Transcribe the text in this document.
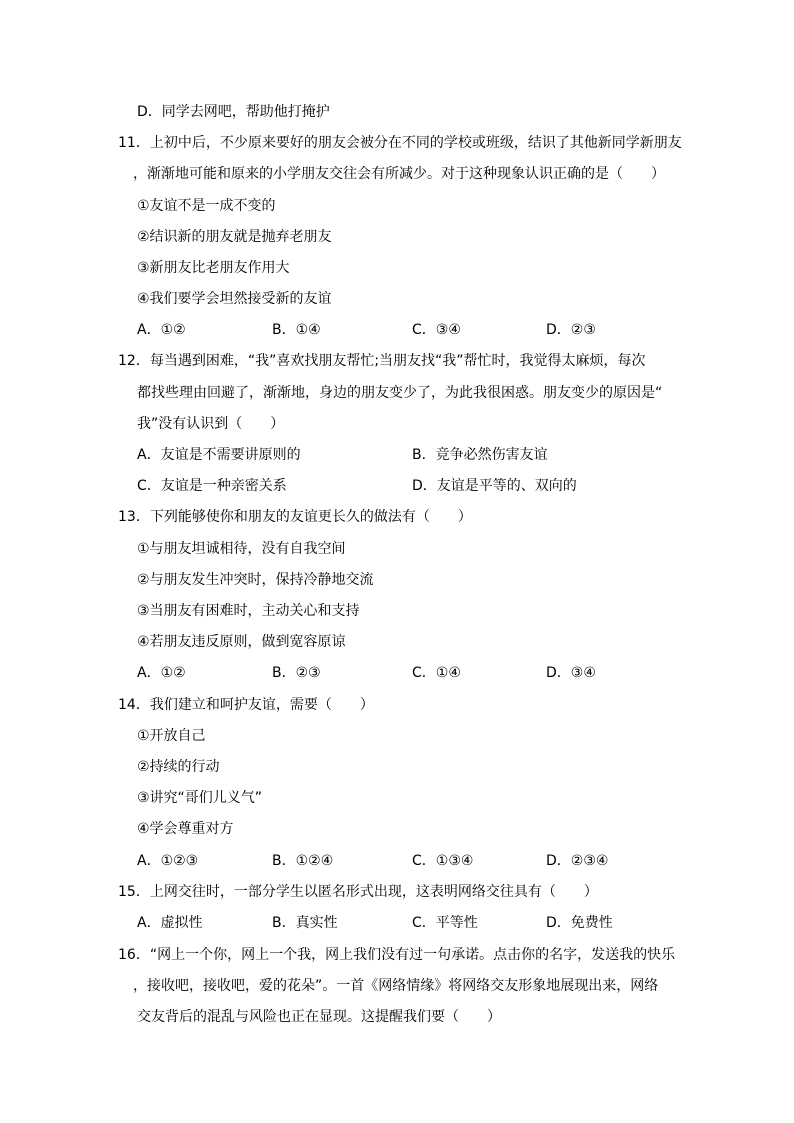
D．同学去网吧，帮助他打掩护
11．上初中后，不少原来要好的朋友会被分在不同的学校或班级，结识了其他新同学新朋友
，渐渐地可能和原来的小学朋友交往会有所减少。对于这种现象认识正确的是（　　）
①友谊不是一成不变的
②结识新的朋友就是抛弃老朋友
③新朋友比老朋友作用大
④我们要学会坦然接受新的友谊
A．①②	B．①④	C．③④	D．②③
12．每当遇到困难，“我”喜欢找朋友帮忙;当朋友找“我”帮忙时，我觉得太麻烦，每次
都找些理由回避了，渐渐地，身边的朋友变少了，为此我很困惑。朋友变少的原因是“
我”没有认识到（　　）
A．友谊是不需要讲原则的	B．竞争必然伤害友谊
C．友谊是一种亲密关系	D．友谊是平等的、双向的
13．下列能够使你和朋友的友谊更长久的做法有（　　）
①与朋友坦诚相待，没有自我空间
②与朋友发生冲突时，保持冷静地交流
③当朋友有困难时，主动关心和支持
④若朋友违反原则，做到宽容原谅
A．①②	B．②③	C．①④	D．③④
14．我们建立和呵护友谊，需要（　　）
①开放自己
②持续的行动
③讲究“哥们儿义气”
④学会尊重对方
A．①②③	B．①②④	C．①③④	D．②③④
15．上网交往时，一部分学生以匿名形式出现，这表明网络交往具有（　　）
A．虚拟性	B．真实性	C．平等性	D．免费性
16．“网上一个你，网上一个我，网上我们没有过一句承诺。点击你的名字，发送我的快乐
，接收吧，接收吧，爱的花朵”。一首《网络情缘》将网络交友形象地展现出来，网络
交友背后的混乱与风险也正在显现。这提醒我们要（　　）
